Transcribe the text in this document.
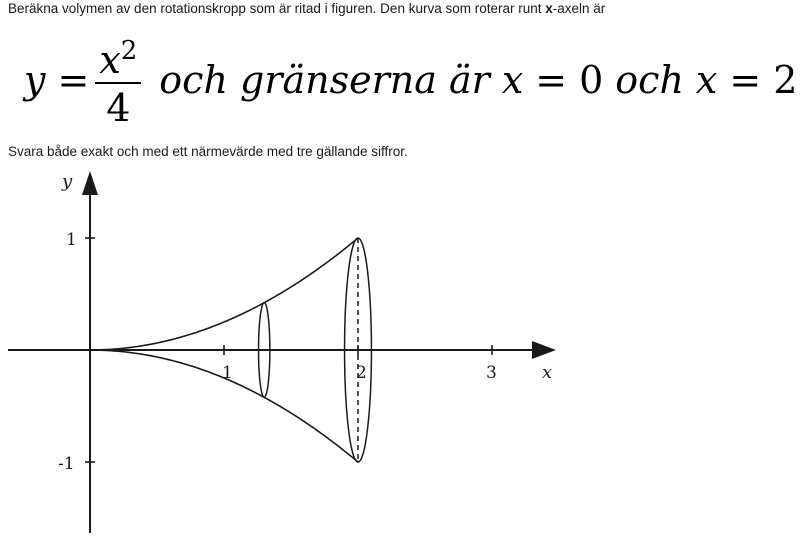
Beräkna volymen av den rotationskropp som är ritad i figuren. Den kurva som roterar runt x-axeln är
$y = \frac{x^2}{4}$ och gränserna är x = 0 och x = 2
Svara både exakt och med ett närmevärde med tre gällande siffror.
1	2	3
1
-1
x
y
